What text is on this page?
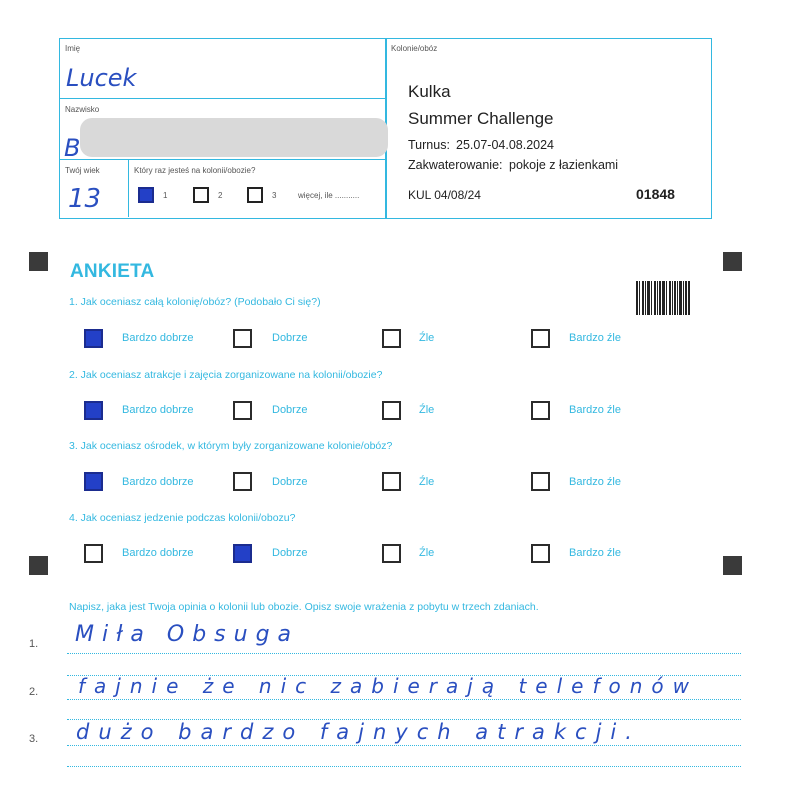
Imię
Lucek
Nazwisko
B
Twój wiek
13
Który raz jesteś na kolonii/obozie?
1	2	3	więcej, ile ...........
Kolonie/obóz
Kulka
Summer Challenge
Turnus: 25.07-04.08.2024
Zakwaterowanie: pokoje z łazienkami
KUL 04/08/24	01848
ANKIETA
1. Jak oceniasz całą kolonię/obóz? (Podobało Ci się?)
Bardzo dobrze	Dobrze	Źle	Bardzo źle
2. Jak oceniasz atrakcje i zajęcia zorganizowane na kolonii/obozie?
Bardzo dobrze	Dobrze	Źle	Bardzo źle
3. Jak oceniasz ośrodek, w którym były zorganizowane kolonie/obóz?
Bardzo dobrze	Dobrze	Źle	Bardzo źle
4. Jak oceniasz jedzenie podczas kolonii/obozu?
Bardzo dobrze	Dobrze	Źle	Bardzo źle
Napisz, jaka jest Twoja opinia o kolonii lub obozie. Opisz swoje wrażenia z pobytu w trzech zdaniach.
1. Miła Obsuga
2. fajnie że nic zabierają telefonów
3. dużo bardzo fajnych atrakcji.
